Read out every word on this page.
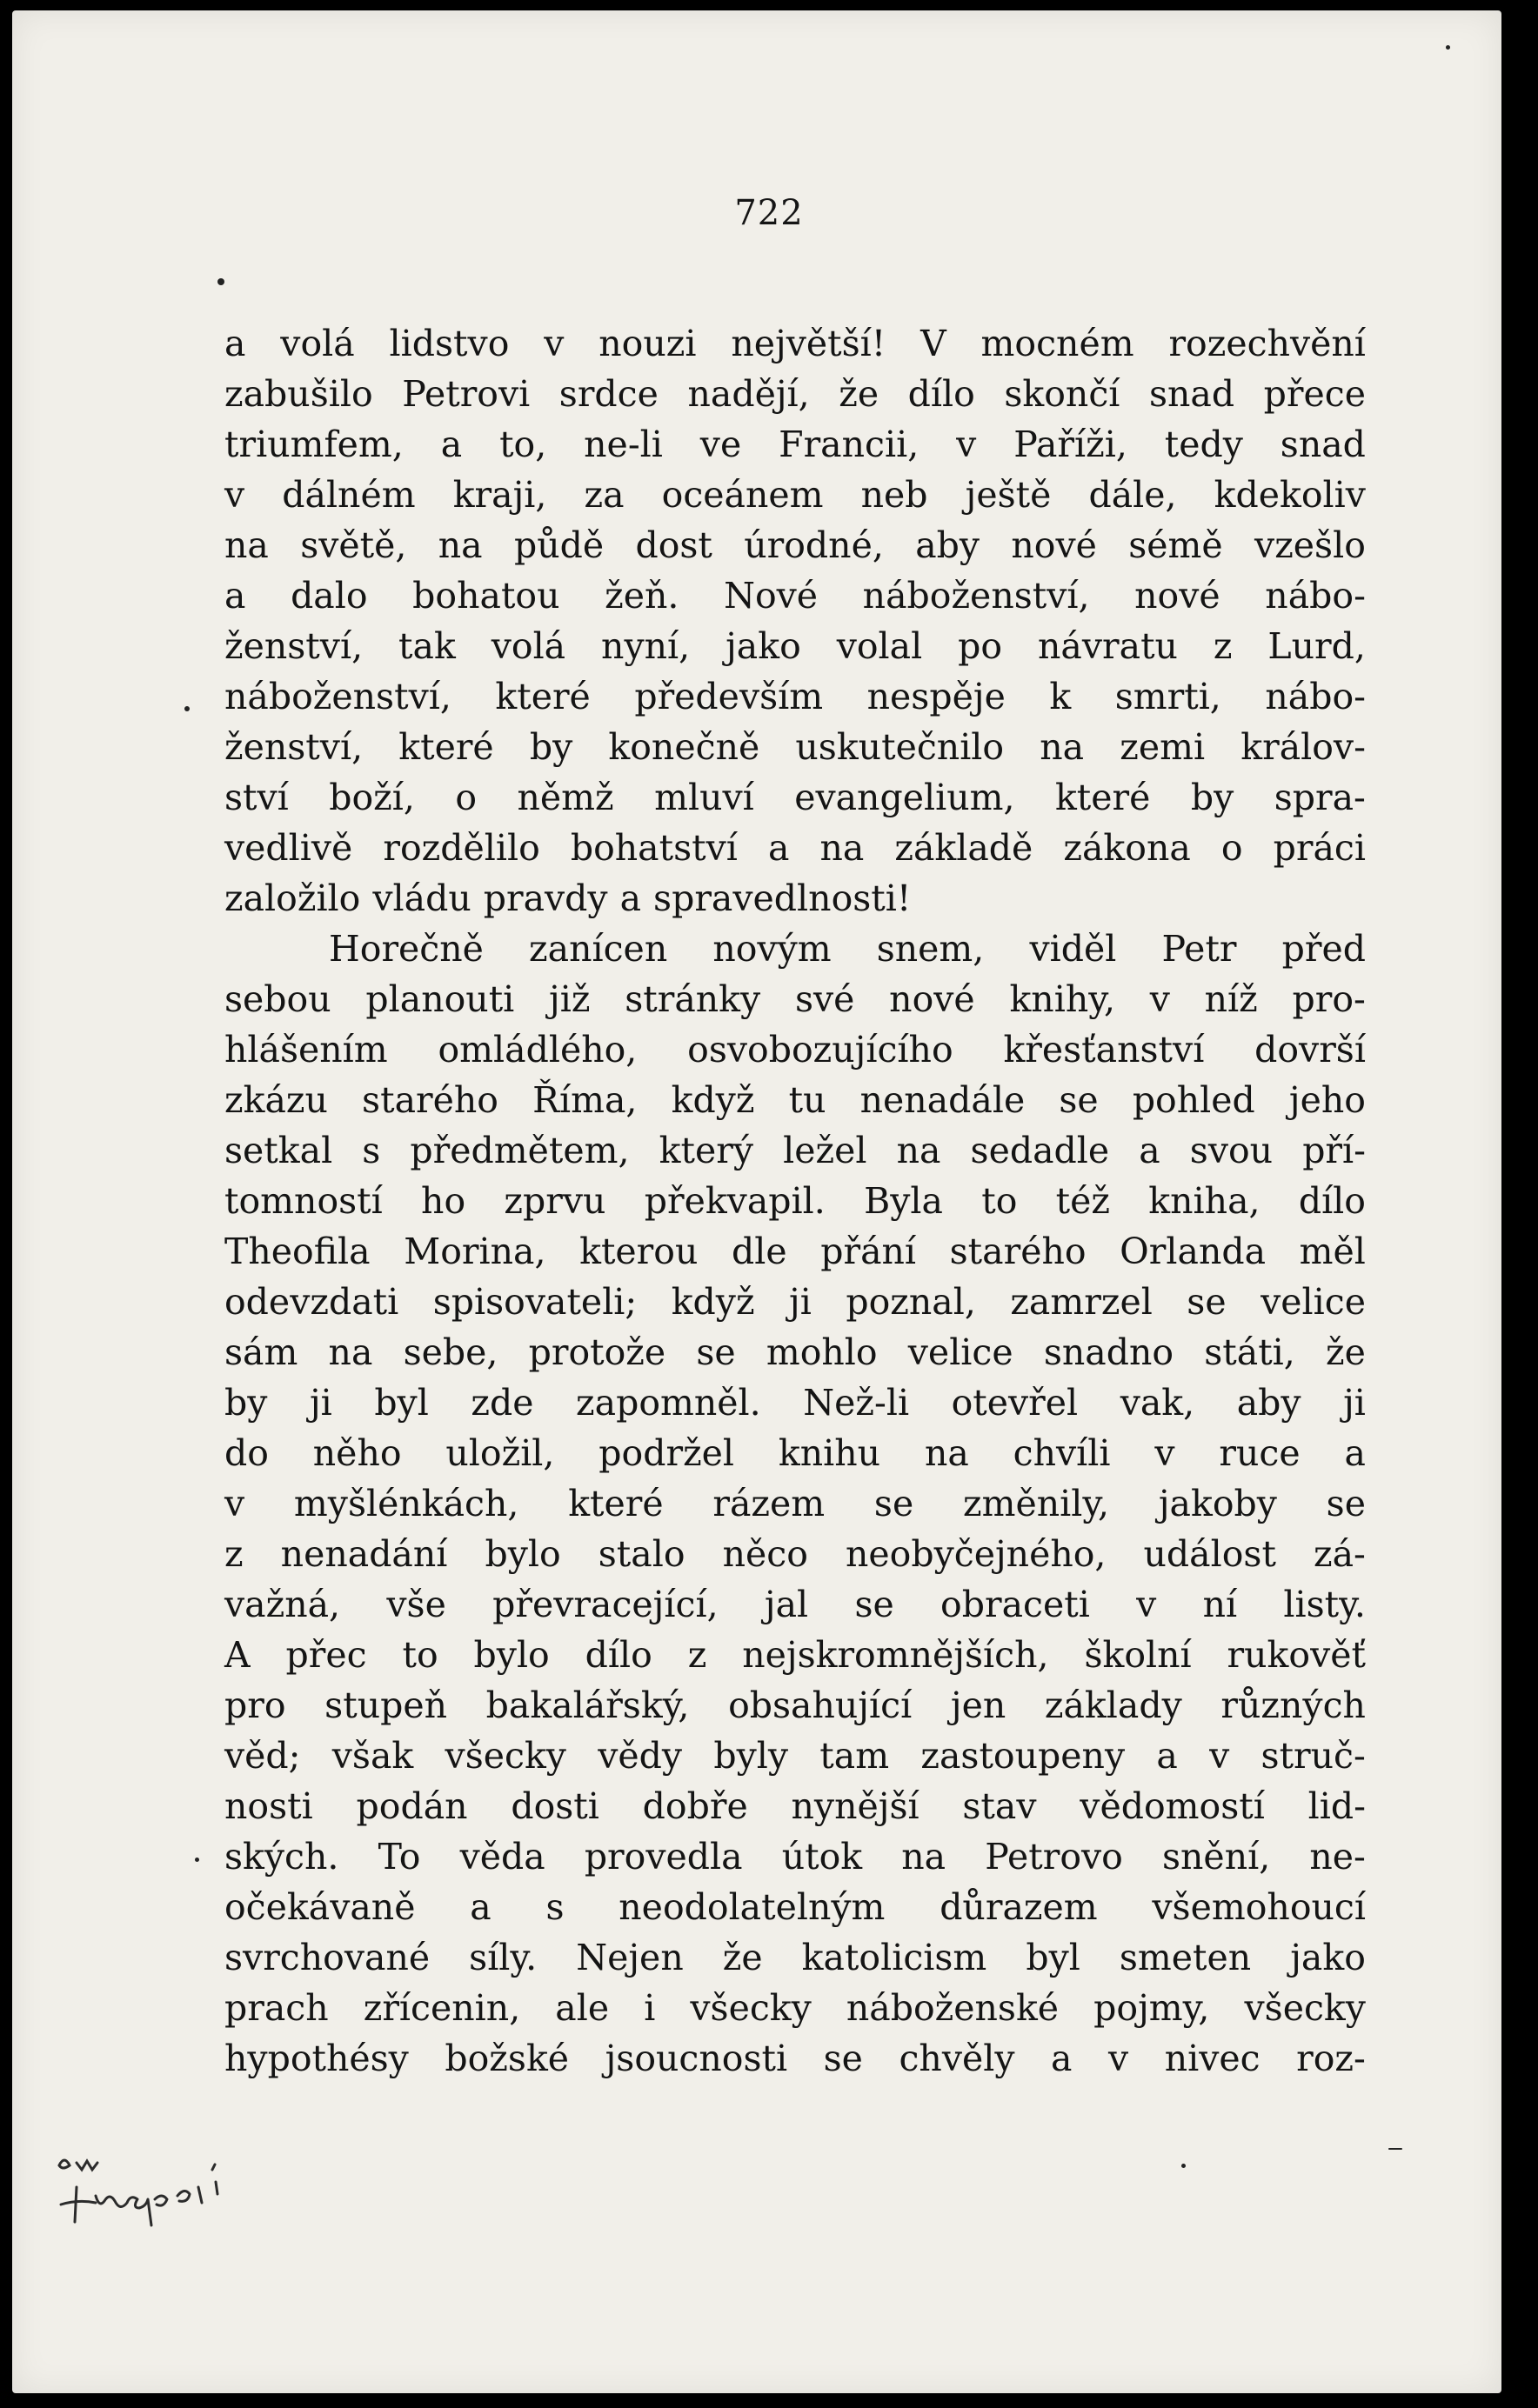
722
a volá lidstvo v nouzi největší! V mocném rozechvění
zabušilo Petrovi srdce nadějí, že dílo skončí snad přece
triumfem, a to, ne-li ve Francii, v Paříži, tedy snad
v dálném kraji, za oceánem neb ještě dále, kdekoliv
na světě, na půdě dost úrodné, aby nové sémě vzešlo
a dalo bohatou žeň. Nové náboženství, nové nábo-
ženství, tak volá nyní, jako volal po návratu z Lurd,
náboženství, které především nespěje k smrti, nábo-
ženství, které by konečně uskutečnilo na zemi králov-
ství boží, o němž mluví evangelium, které by spra-
vedlivě rozdělilo bohatství a na základě zákona o práci
založilo vládu pravdy a spravedlnosti!
Horečně zanícen novým snem, viděl Petr před
sebou planouti již stránky své nové knihy, v níž pro-
hlášením omládlého, osvobozujícího křesťanství dovrší
zkázu starého Říma, když tu nenadále se pohled jeho
setkal s předmětem, který ležel na sedadle a svou pří-
tomností ho zprvu překvapil. Byla to též kniha, dílo
Theofila Morina, kterou dle přání starého Orlanda měl
odevzdati spisovateli; když ji poznal, zamrzel se velice
sám na sebe, protože se mohlo velice snadno státi, že
by ji byl zde zapomněl. Než-li otevřel vak, aby ji
do něho uložil, podržel knihu na chvíli v ruce a
v myšlénkách, které rázem se změnily, jakoby se
z nenadání bylo stalo něco neobyčejného, událost zá-
važná, vše převracející, jal se obraceti v ní listy.
A přec to bylo dílo z nejskromnějších, školní rukověť
pro stupeň bakalářský, obsahující jen základy různých
věd; však všecky vědy byly tam zastoupeny a v struč-
nosti podán dosti dobře nynější stav vědomostí lid-
ských. To věda provedla útok na Petrovo snění, ne-
očekávaně a s neodolatelným důrazem všemohoucí
svrchované síly. Nejen že katolicism byl smeten jako
prach zřícenin, ale i všecky náboženské pojmy, všecky
hypothésy božské jsoucnosti se chvěly a v nivec roz-
